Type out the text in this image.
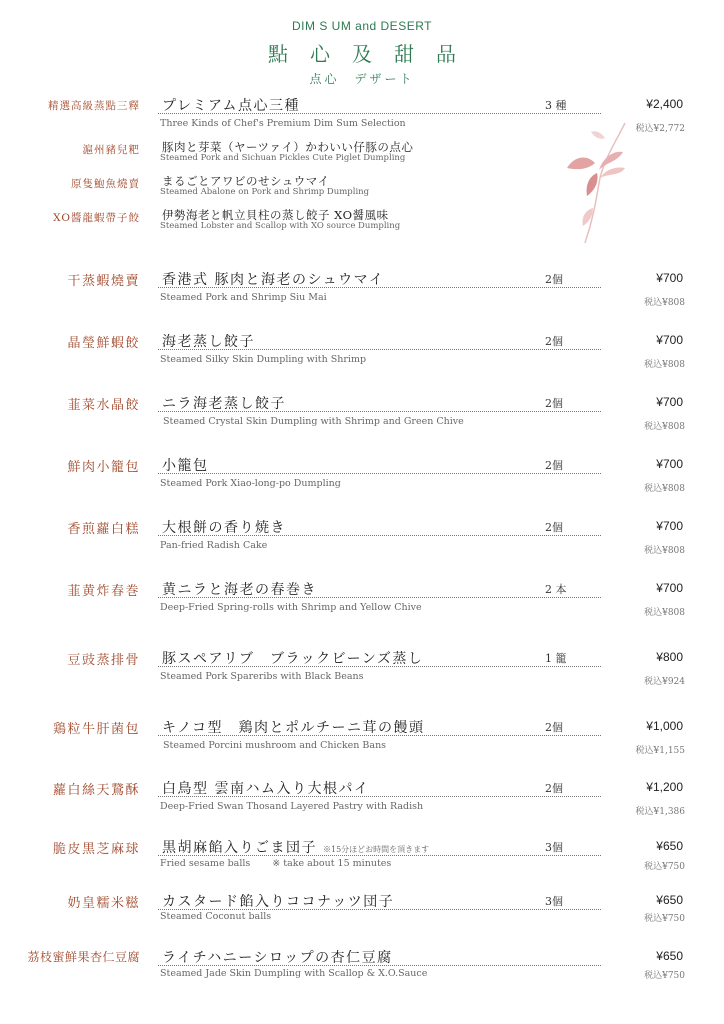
DIM S UM and DESERT
點心及甜品
点心　デザート
精選高級蒸點三釋 プレミアム点心三種	3 種	¥2,400
Three Kinds of Chef's Premium Dim Sum Selection	税込¥2,772
滬州豬兒粑 豚肉と芽菜（ヤーツァイ）かわいい仔豚の点心
Steamed Pork and Sichuan Pickles Cute Piglet Dumpling
原隻鮑魚燒賣 まるごとアワビのせシュウマイ
Steamed Abalone on Pork and Shrimp Dumpling
XO醬龍蝦帶子餃 伊勢海老と帆立貝柱の蒸し餃子 XO醤風味
Steamed Lobster and Scallop with XO source Dumpling
干蒸蝦燒賣 香港式 豚肉と海老のシュウマイ	2個	¥700
Steamed Pork and Shrimp Siu Mai	税込¥808
晶瑩鮮蝦餃 海老蒸し餃子	2個	¥700
Steamed Silky Skin Dumpling with Shrimp	税込¥808
韮菜水晶餃 ニラ海老蒸し餃子	2個	¥700
Steamed Crystal Skin Dumpling with Shrimp and Green Chive	税込¥808
鮮肉小籠包 小籠包	2個	¥700
Steamed Pork Xiao-long-po Dumpling	税込¥808
香煎蘿白糕 大根餅の香り焼き	2個	¥700
Pan-fried Radish Cake	税込¥808
韮黄炸春巻 黄ニラと海老の春巻き	2 本	¥700
Deep-Fried Spring-rolls with Shrimp and Yellow Chive	税込¥808
豆豉蒸排骨 豚スペアリブ　ブラックビーンズ蒸し	1 籠	¥800
Steamed Pork Spareribs with Black Beans	税込¥924
鶏粒牛肝菌包 キノコ型　鶏肉とポルチーニ茸の饅頭	2個	¥1,000
Steamed Porcini mushroom and Chicken Bans	税込¥1,155
蘿白絲天鵞酥 白鳥型 雲南ハム入り大根パイ	2個	¥1,200
Deep-Fried Swan Thosand Layered Pastry with Radish	税込¥1,386
脆皮黒芝麻球 黒胡麻餡入りごま団子 ※15分ほどお時間を頂きます	3個	¥650
Fried sesame balls ※ take about 15 minutes	税込¥750
奶皇糯米糍 カスタード餡入りココナッツ団子	3個	¥650
Steamed Coconut balls	税込¥750
茘枝蜜鮮果杏仁豆腐 ライチハニーシロップの杏仁豆腐	¥650
Steamed Jade Skin Dumpling with Scallop & X.O.Sauce	税込¥750
